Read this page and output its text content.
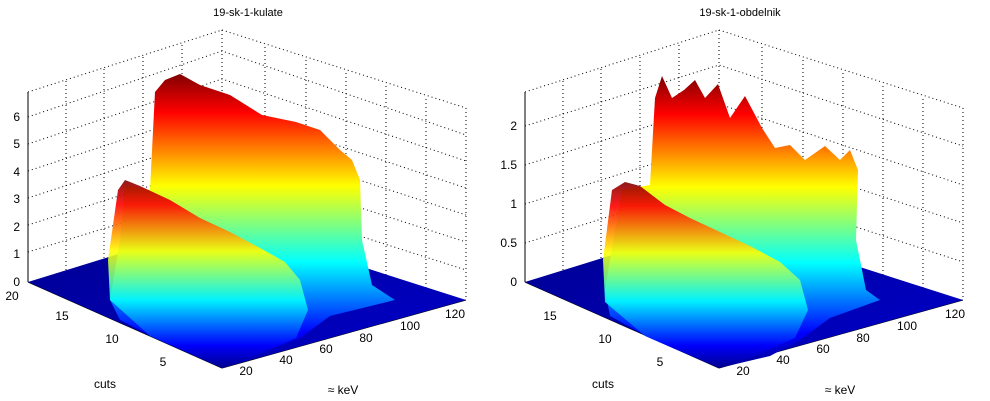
19-sk-1-kulate
0
1
2
3
4
5
6
20
15
10
5
20
40
60
80
100
120
cuts	≈ keV
19-sk-1-obdelnik
0
0.5
1
1.5
2
15
10
5
20
40
60
80
100
120
cuts	≈ keV
